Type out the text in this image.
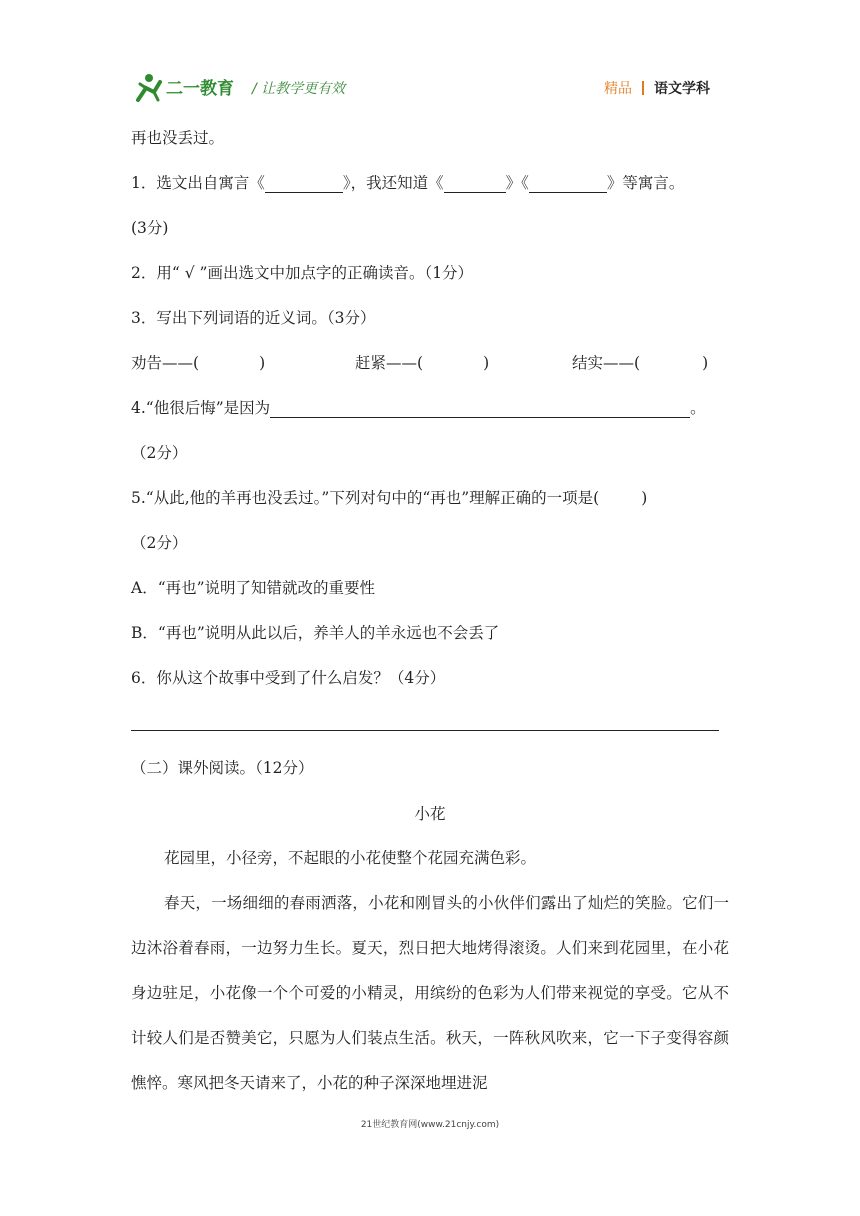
二一教育 / 让教学更有效	精品 语文学科
再也没丢过。
1．选文出自寓言《	》，我还知道《	》《	》等寓言。
(3分)
2．用“ √ ”画出选文中加点字的正确读音。（1分）
3．写出下列词语的近义词。（3分）
劝告——(	)	赶紧——(	)	结实——(	)
4.“他很后悔”是因为	。
（2分）
5.“从此,他的羊再也没丢过。”下列对句中的“再也”理解正确的一项是(	)
（2分）
A．“再也”说明了知错就改的重要性
B．“再也”说明从此以后，养羊人的羊永远也不会丢了
6．你从这个故事中受到了什么启发？（4分）
（二）课外阅读。（12分）
小花
花园里，小径旁，不起眼的小花使整个花园充满色彩。
春天，一场细细的春雨洒落，小花和刚冒头的小伙伴们露出了灿烂的笑脸。它们一边沐浴着春雨，一边努力生长。夏天，烈日把大地烤得滚烫。人们来到花园里，在小花身边驻足，小花像一个个可爱的小精灵，用缤纷的色彩为人们带来视觉的享受。它从不计较人们是否赞美它，只愿为人们装点生活。秋天，一阵秋风吹来，它一下子变得容颜憔悴。寒风把冬天请来了，小花的种子深深地埋进泥
21世纪教育网(www.21cnjy.com)
